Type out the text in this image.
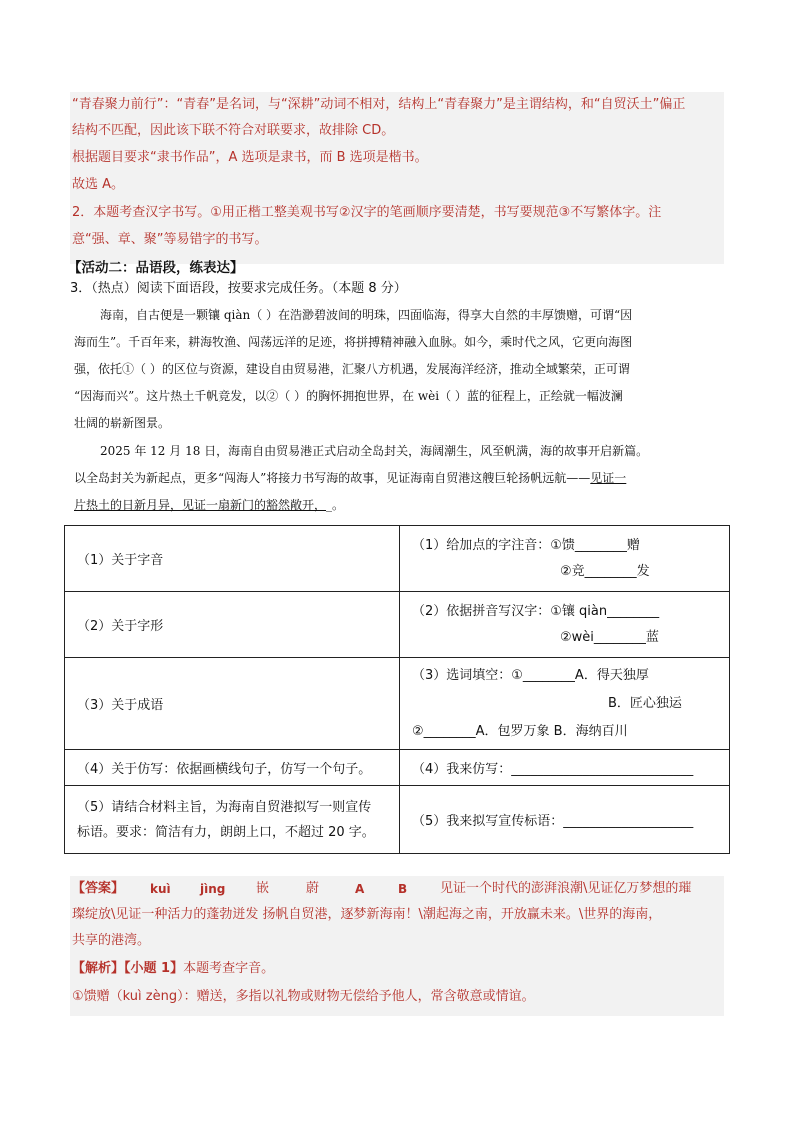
“青春聚力前行”：“青春”是名词，与“深耕”动词不相对，结构上“青春聚力”是主谓结构，和“自贸沃土”偏正
结构不匹配，因此该下联不符合对联要求，故排除 CD。
根据题目要求“隶书作品”，A 选项是隶书，而 B 选项是楷书。
故选 A。
2．本题考查汉字书写。①用正楷工整美观书写②汉字的笔画顺序要清楚，书写要规范③不写繁体字。注
意“强、章、聚”等易错字的书写。
【活动二：品语段，练表达】
3．（热点）阅读下面语段，按要求完成任务。（本题 8 分）
海南，自古便是一颗镶 qiàn（ ）在浩渺碧波间的明珠，四面临海，得享大自然的丰厚馈赠，可谓“因
海而生”。千百年来，耕海牧渔、闯荡远洋的足迹，将拼搏精神融入血脉。如今，乘时代之风，它更向海图
强，依托①（ ）的区位与资源，建设自由贸易港，汇聚八方机遇，发展海洋经济，推动全域繁荣，正可谓
“因海而兴”。这片热土千帆竞发，以②（ ）的胸怀拥抱世界，在 wèi（ ）蓝的征程上，正绘就一幅波澜
壮阔的崭新图景。
2025 年 12 月 18 日，海南自由贸易港正式启动全岛封关，海阔潮生，风至帆满，海的故事开启新篇。
以全岛封关为新起点，更多“闯海人”将接力书写海的故事，见证海南自贸港这艘巨轮扬帆远航——见证一
片热土的日新月异，见证一扇新门的豁然敞开，_。
（1）关于字音	（1）给加点的字注音：①馈________赠
②竞________发

（2）关于字形	（2）依据拼音写汉字：①镶 qiàn________
②wèi________蓝

（3）关于成语	（3）选词填空：①________A．得天独厚
B．匠心独运
②________A．包罗万象 B．海纳百川

（4）关于仿写：依据画横线句子，仿写一个句子。	（4）我来仿写：____________________________

（5）请结合材料主旨，为海南自贸港拟写一则宣传
标语。要求：简洁有力，朗朗上口，不超过 20 字。	（5）我来拟写宣传标语：____________________
【答案】 kuì jìng 嵌	蔚	A	B	见证一个时代的澎湃浪潮\见证亿万梦想的璀
璨绽放\见证一种活力的蓬勃迸发 扬帆自贸港，逐梦新海南！\潮起海之南，开放赢未来。\世界的海南，
共享的港湾。
【解析】【小题 1】本题考查字音。
①馈赠（kuì zèng）：赠送，多指以礼物或财物无偿给予他人，常含敬意或情谊。
